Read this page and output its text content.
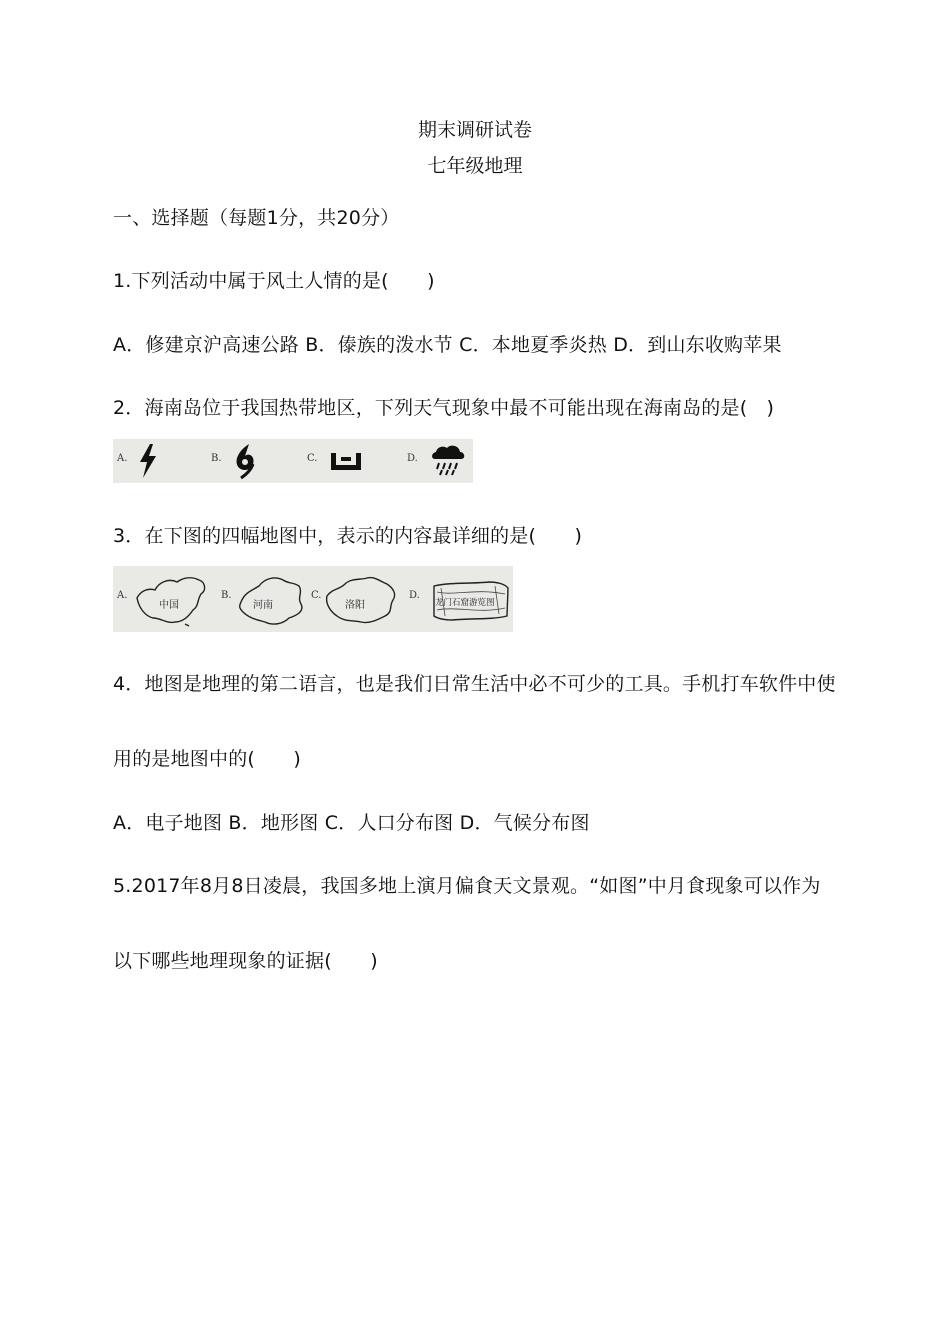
期末调研试卷
七年级地理
一、选择题（每题1分，共20分）
1.下列活动中属于风土人情的是(　　)
A．修建京沪高速公路 B．傣族的泼水节 C．本地夏季炎热 D．到山东收购苹果
2．海南岛位于我国热带地区，下列天气现象中最不可能出现在海南岛的是(　)
A.	B.	C.	D.
3．在下图的四幅地图中，表示的内容最详细的是(　　)
A.
中国
B.
河南
C.
洛阳
D.
龙门石窟游览图
4．地图是地理的第二语言，也是我们日常生活中必不可少的工具。手机打车软件中使
用的是地图中的(　　)
A．电子地图 B．地形图 C．人口分布图 D．气候分布图
5.2017年8月8日凌晨，我国多地上演月偏食天文景观。“如图”中月食现象可以作为
以下哪些地理现象的证据(　　)
